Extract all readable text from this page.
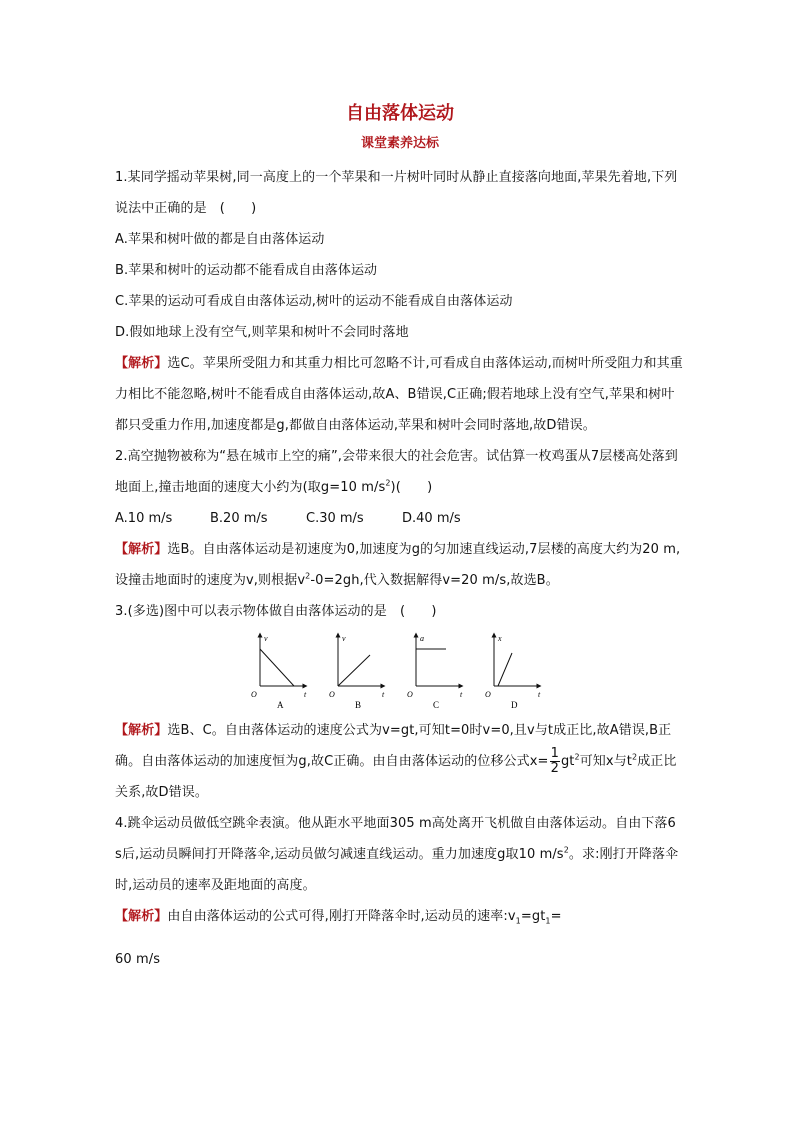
自由落体运动
课堂素养达标

1.某同学摇动苹果树,同一高度上的一个苹果和一片树叶同时从静止直接落向地面,苹果先着地,下列说法中正确的是　(　　)

A.苹果和树叶做的都是自由落体运动

B.苹果和树叶的运动都不能看成自由落体运动

C.苹果的运动可看成自由落体运动,树叶的运动不能看成自由落体运动

D.假如地球上没有空气,则苹果和树叶不会同时落地

【解析】选C。苹果所受阻力和其重力相比可忽略不计,可看成自由落体运动,而树叶所受阻力和其重力相比不能忽略,树叶不能看成自由落体运动,故A、B错误,C正确;假若地球上没有空气,苹果和树叶都只受重力作用,加速度都是g,都做自由落体运动,苹果和树叶会同时落地,故D错误。

2.高空抛物被称为“悬在城市上空的痛”,会带来很大的社会危害。试估算一枚鸡蛋从7层楼高处落到地面上,撞击地面的速度大小约为(取g=10 $m/s^2$)(　　)

A.10 m/s	B.20 m/s	C.30 m/s	D.40 m/s

【解析】选B。自由落体运动是初速度为0,加速度为g的匀加速直线运动,7层楼的高度大约为20 m,设撞击地面时的速度为v,则根据$v^2-0=2gh$,代入数据解得v=20 m/s,故选B。

3.(多选)图中可以表示物体做自由落体运动的是　(　　)

v
t
O
A
v
t
O
B
a
t
O
C
x
t
O
D

【解析】选B、C。自由落体运动的速度公式为v=gt,可知t=0时v=0,且v与t成正比,故A错误,B正确。自由落体运动的加速度恒为g,故C正确。由自由落体运动的位移公式$x= \frac{1}{2} gt^2$可知x与$t^2$成正比关系,故D错误。

4.跳伞运动员做低空跳伞表演。他从距水平地面305 m高处离开飞机做自由落体运动。自由下落6 s后,运动员瞬间打开降落伞,运动员做匀减速直线运动。重力加速度g取10 $m/s^2$。求:刚打开降落伞时,运动员的速率及距地面的高度。

【解析】由自由落体运动的公式可得,刚打开降落伞时,运动员的速率$:v_1=gt_1=$

60 m/s
